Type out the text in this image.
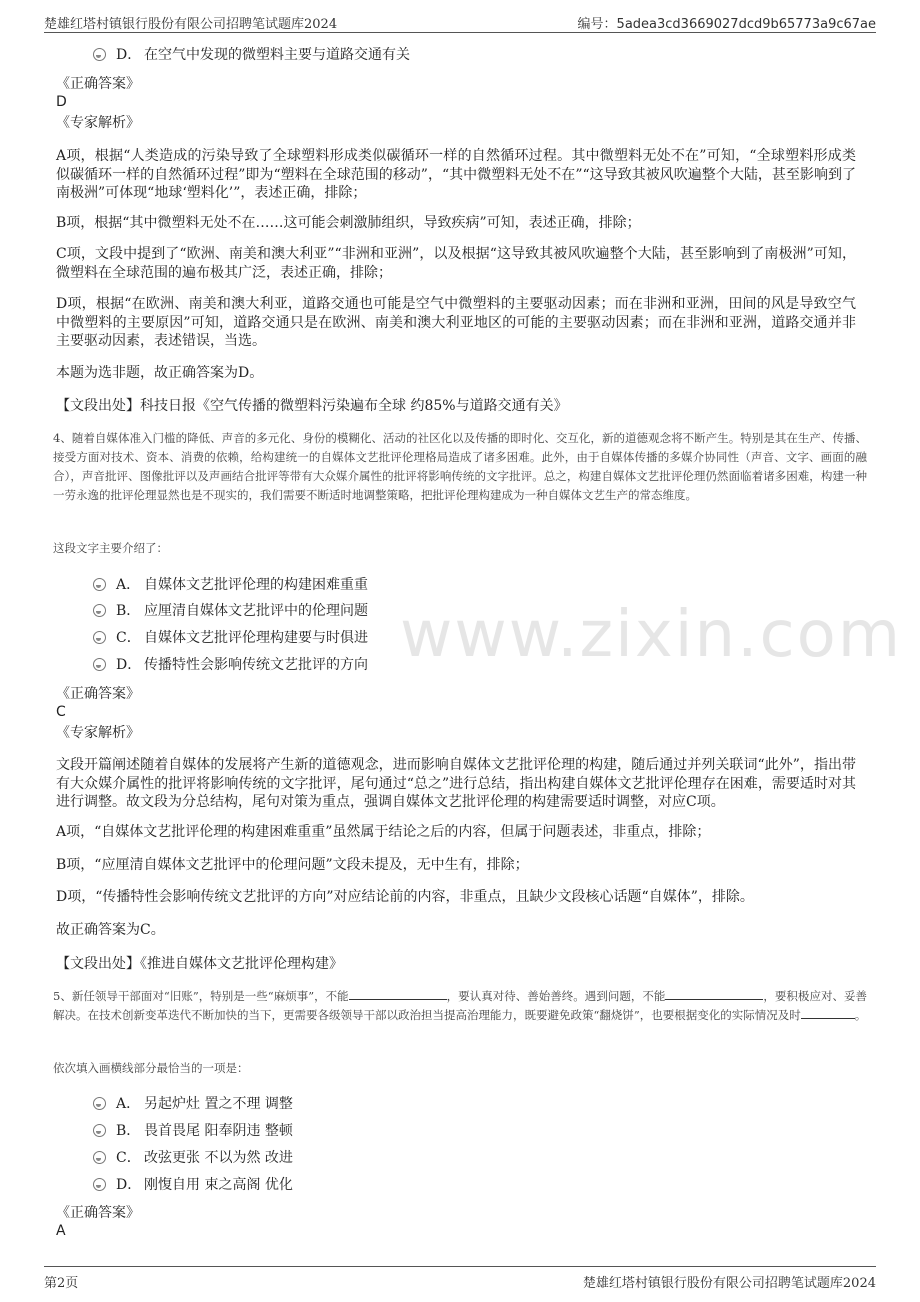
楚雄红塔村镇银行股份有限公司招聘笔试题库2024	编号：5adea3cd3669027dcd9b65773a9c67ae
www.zixin.com
D． 在空气中发现的微塑料主要与道路交通有关
《正确答案》
D
《专家解析》
A项，根据“人类造成的污染导致了全球塑料形成类似碳循环一样的自然循环过程。其中微塑料无处不在”可知，“全球塑料形成类似碳循环一样的自然循环过程”即为“塑料在全球范围的移动”，“其中微塑料无处不在”“这导致其被风吹遍整个大陆，甚至影响到了南极洲”可体现“地球‘塑料化’”，表述正确，排除；
B项，根据“其中微塑料无处不在……这可能会刺激肺组织，导致疾病”可知，表述正确，排除；
C项，文段中提到了“欧洲、南美和澳大利亚”“非洲和亚洲”，以及根据“这导致其被风吹遍整个大陆，甚至影响到了南极洲”可知，微塑料在全球范围的遍布极其广泛，表述正确，排除；
D项，根据“在欧洲、南美和澳大利亚，道路交通也可能是空气中微塑料的主要驱动因素；而在非洲和亚洲，田间的风是导致空气中微塑料的主要原因”可知，道路交通只是在欧洲、南美和澳大利亚地区的可能的主要驱动因素；而在非洲和亚洲，道路交通并非主要驱动因素，表述错误，当选。
本题为选非题，故正确答案为D。
【文段出处】科技日报《空气传播的微塑料污染遍布全球 约85%与道路交通有关》
4、随着自媒体准入门槛的降低、声音的多元化、身份的模糊化、活动的社区化以及传播的即时化、交互化，新的道德观念将不断产生。特别是其在生产、传播、接受方面对技术、资本、消费的依赖，给构建统一的自媒体文艺批评伦理格局造成了诸多困难。此外，由于自媒体传播的多媒介协同性（声音、文字、画面的融合），声音批评、图像批评以及声画结合批评等带有大众媒介属性的批评将影响传统的文字批评。总之，构建自媒体文艺批评伦理仍然面临着诸多困难，构建一种一劳永逸的批评伦理显然也是不现实的，我们需要不断适时地调整策略，把批评伦理构建成为一种自媒体文艺生产的常态维度。
这段文字主要介绍了：
A． 自媒体文艺批评伦理的构建困难重重
B． 应厘清自媒体文艺批评中的伦理问题
C． 自媒体文艺批评伦理构建要与时俱进
D． 传播特性会影响传统文艺批评的方向
《正确答案》
C
《专家解析》
文段开篇阐述随着自媒体的发展将产生新的道德观念，进而影响自媒体文艺批评伦理的构建，随后通过并列关联词“此外”，指出带有大众媒介属性的批评将影响传统的文字批评，尾句通过“总之”进行总结，指出构建自媒体文艺批评伦理存在困难，需要适时对其进行调整。故文段为分总结构，尾句对策为重点，强调自媒体文艺批评伦理的构建需要适时调整，对应C项。
A项，“自媒体文艺批评伦理的构建困难重重”虽然属于结论之后的内容，但属于问题表述，非重点，排除；
B项，“应厘清自媒体文艺批评中的伦理问题”文段未提及，无中生有，排除；
D项，“传播特性会影响传统文艺批评的方向”对应结论前的内容，非重点，且缺少文段核心话题“自媒体”，排除。
故正确答案为C。
【文段出处】《推进自媒体文艺批评伦理构建》
5、新任领导干部面对“旧账”，特别是一些“麻烦事”，不能	，要认真对待、善始善终。遇到问题，不能	，要积极应对、妥善解决。在技术创新变革迭代不断加快的当下，更需要各级领导干部以政治担当提高治理能力，既要避免政策“翻烧饼”，也要根据变化的实际情况及时	。
依次填入画横线部分最恰当的一项是：
A． 另起炉灶 置之不理 调整
B． 畏首畏尾 阳奉阴违 整顿
C． 改弦更张 不以为然 改进
D． 刚愎自用 束之高阁 优化
《正确答案》
A
第2页	楚雄红塔村镇银行股份有限公司招聘笔试题库2024
